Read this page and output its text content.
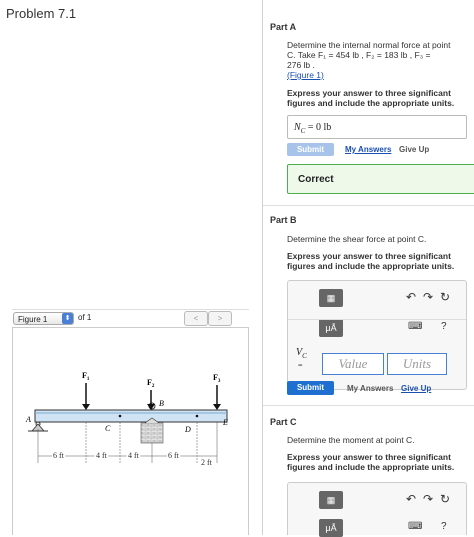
Problem 7.1
Figure 1	⬍ of 1	<	>
$F_1$	$F_2$
$F_3$
A
B
C	D
E
6 ft	4 ft	4 ft	6 ft
2 ft
Part A
Determine the internal normal force at point
C. Take F₁ = 454 lb , F₂ = 183 lb , F₃ =
276 lb .
(Figure 1)
Express your answer to three significant
figures and include the appropriate units.
$N_C = 0$ lb
Submit	My Answers Give Up
Correct
Part B
Determine the shear force at point C.
Express your answer to three significant
figures and include the appropriate units.
▦	↶ ↷ ↻
μÅ	⌨ ?
$V_C$
=	Value	Units
Submit	My Answers Give Up
Part C
Determine the moment at point C.
Express your answer to three significant
figures and include the appropriate units.
▦	↶ ↷ ↻
μÅ	⌨ ?
